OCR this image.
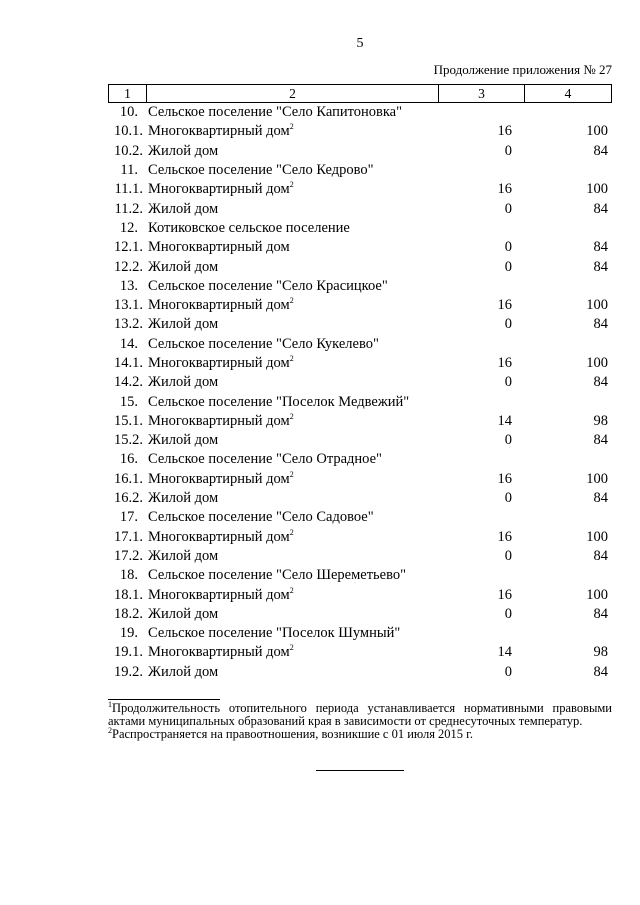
5
Продолжение приложения № 27
1	2	3	4
10. Сельское поселение "Село Капитоновка"
10.1. Многоквартирный дом$^2$	16	100
10.2. Жилой дом	0	84
11. Сельское поселение "Село Кедрово"
11.1. Многоквартирный дом$^2$	16	100
11.2. Жилой дом	0	84
12. Котиковское сельское поселение
12.1. Многоквартирный дом	0	84
12.2. Жилой дом	0	84
13. Сельское поселение "Село Красицкое"
13.1. Многоквартирный дом$^2$	16	100
13.2. Жилой дом	0	84
14. Сельское поселение "Село Кукелево"
14.1. Многоквартирный дом$^2$	16	100
14.2. Жилой дом	0	84
15. Сельское поселение "Поселок Медвежий"
15.1. Многоквартирный дом$^2$	14	98
15.2. Жилой дом	0	84
16. Сельское поселение "Село Отрадное"
16.1. Многоквартирный дом$^2$	16	100
16.2. Жилой дом	0	84
17. Сельское поселение "Село Садовое"
17.1. Многоквартирный дом$^2$	16	100
17.2. Жилой дом	0	84
18. Сельское поселение "Село Шереметьево"
18.1. Многоквартирный дом$^2$	16	100
18.2. Жилой дом	0	84
19. Сельское поселение "Поселок Шумный"
19.1. Многоквартирный дом$^2$	14	98
19.2. Жилой дом	0	84
$^1$Продолжительность отопительного периода устанавливается нормативными правовыми актами муниципальных образований края в зависимости от среднесуточных температур.
$^2$Распространяется на правоотношения, возникшие с 01 июля 2015 г.
